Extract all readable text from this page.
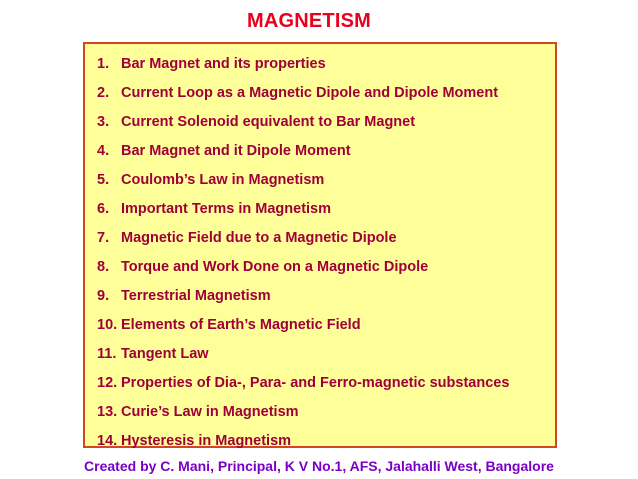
MAGNETISM
1. Bar Magnet and its properties
2. Current Loop as a Magnetic Dipole and Dipole Moment
3. Current Solenoid equivalent to Bar Magnet
4. Bar Magnet and it Dipole Moment
5. Coulomb’s Law in Magnetism
6. Important Terms in Magnetism
7. Magnetic Field due to a Magnetic Dipole
8. Torque and Work Done on a Magnetic Dipole
9. Terrestrial Magnetism
10. Elements of Earth’s Magnetic Field
11. Tangent Law
12. Properties of Dia-, Para- and Ferro-magnetic substances
13. Curie’s Law in Magnetism
14. Hysteresis in Magnetism
Created by C. Mani, Principal, K V No.1, AFS, Jalahalli West, Bangalore
